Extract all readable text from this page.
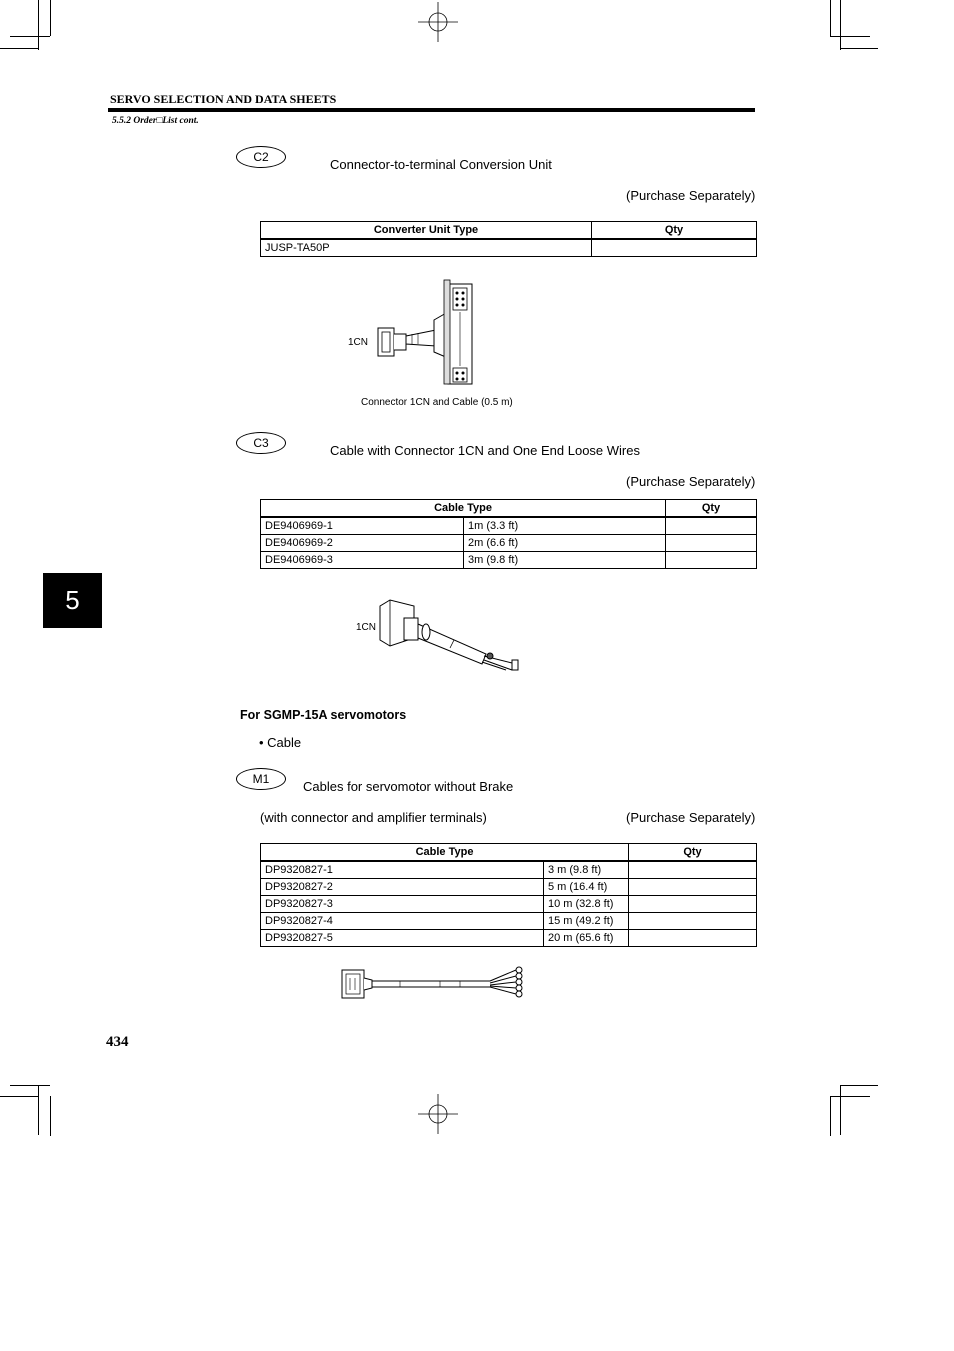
SERVO SELECTION AND DATA SHEETS
5.5.2 Order□List cont.
5
C2	Connector-to-terminal Conversion Unit
(Purchase Separately)
Converter Unit Type	Qty
JUSP-TA50P	
1CN
Connector 1CN and Cable (0.5 m)
C3	Cable with Connector 1CN and One End Loose Wires
(Purchase Separately)
Cable Type		Qty
DE9406969-1	1m (3.3 ft)	
DE9406969-2	2m (6.6 ft)	
DE9406969-3	3m (9.8 ft)	
1CN
For SGMP-15A servomotors
• Cable
M1	Cables for servomotor without Brake
(with connector and amplifier terminals)	(Purchase Separately)
Cable Type		Qty
DP9320827-1	3 m (9.8 ft)	
DP9320827-2	5 m (16.4 ft)	
DP9320827-3	10 m (32.8 ft)	
DP9320827-4	15 m (49.2 ft)	
DP9320827-5	20 m (65.6 ft)	
434
